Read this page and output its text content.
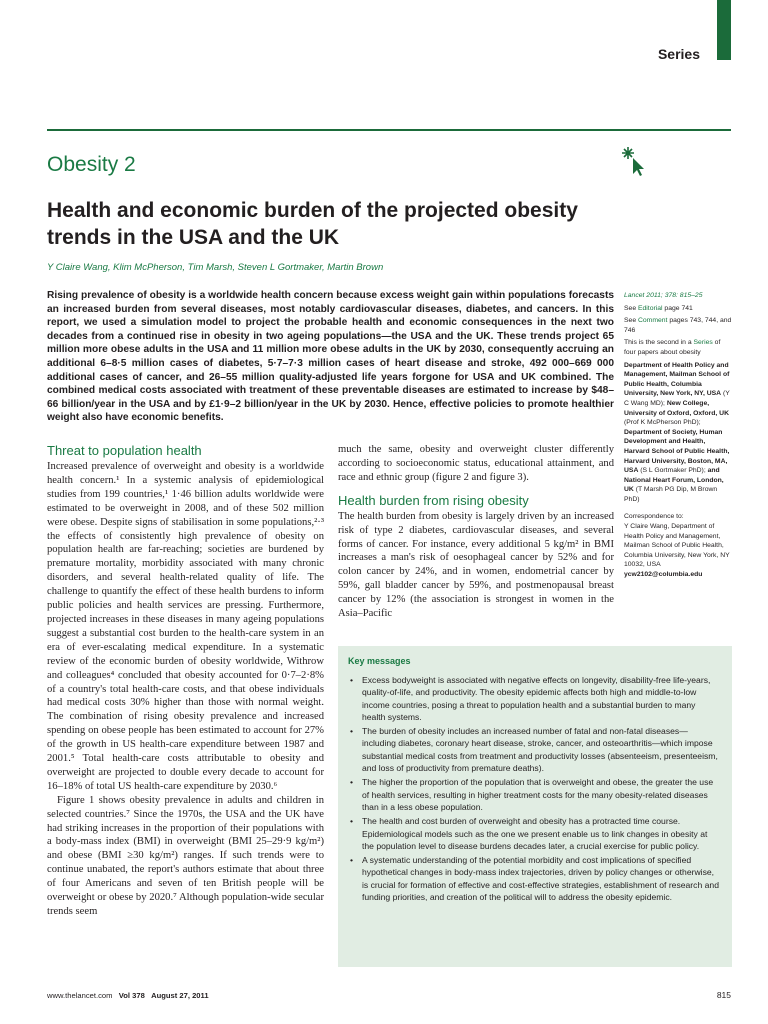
Series
Obesity 2
Health and economic burden of the projected obesity trends in the USA and the UK
Y Claire Wang, Klim McPherson, Tim Marsh, Steven L Gortmaker, Martin Brown
Rising prevalence of obesity is a worldwide health concern because excess weight gain within populations forecasts an increased burden from several diseases, most notably cardiovascular diseases, diabetes, and cancers. In this report, we used a simulation model to project the probable health and economic consequences in the next two decades from a continued rise in obesity in two ageing populations—the USA and the UK. These trends project 65 million more obese adults in the USA and 11 million more obese adults in the UK by 2030, consequently accruing an additional 6–8·5 million cases of diabetes, 5·7–7·3 million cases of heart disease and stroke, 492 000–669 000 additional cases of cancer, and 26–55 million quality-adjusted life years forgone for USA and UK combined. The combined medical costs associated with treatment of these preventable diseases are estimated to increase by $48–66 billion/year in the USA and by £1·9–2 billion/year in the UK by 2030. Hence, effective policies to promote healthier weight also have economic benefits.
Threat to population health

Increased prevalence of overweight and obesity is a worldwide health concern.¹ In a systemic analysis of epidemiological studies from 199 countries,¹ 1·46 billion adults worldwide were estimated to be overweight in 2008, and of these 502 million were obese. Despite signs of stabilisation in some populations,²·³ the effects of consistently high prevalence of obesity on population health are far-reaching; societies are burdened by premature mortality, morbidity associated with many chronic disorders, and several health-related quality of life. The challenge to quantify the effect of these health burdens to inform public policies and health services are pressing. Furthermore, projected increases in these diseases in many ageing populations suggest a substantial cost burden to the health-care system in an era of ever-escalating medical expenditure. In a systematic review of the economic burden of obesity worldwide, Withrow and colleagues⁴ concluded that obesity accounted for 0·7–2·8% of a country's total health-care costs, and that obese individuals had medical costs 30% higher than those with normal weight. The combination of rising obesity prevalence and increased spending on obese people has been estimated to account for 27% of the growth in US health-care expenditure between 1987 and 2001.⁵ Total health-care costs attributable to obesity and overweight are projected to double every decade to account for 16–18% of total US health-care expenditure by 2030.⁶

Figure 1 shows obesity prevalence in adults and children in selected countries.⁷ Since the 1970s, the USA and the UK have had striking increases in the proportion of their populations with a body-mass index (BMI) in overweight (BMI 25–29·9 kg/m²) and obese (BMI ≥30 kg/m²) ranges. If such trends were to continue unabated, the report's authors estimate that about three of four Americans and seven of ten British people will be overweight or obese by 2020.⁷ Although population-wide secular trends seem

much the same, obesity and overweight cluster differently according to socioeconomic status, educational attainment, and race and ethnic group (figure 2 and figure 3).

Health burden from rising obesity

The health burden from obesity is largely driven by an increased risk of type 2 diabetes, cardiovascular diseases, and several forms of cancer. For instance, every additional 5 kg/m² in BMI increases a man's risk of oesophageal cancer by 52% and for colon cancer by 24%, and in women, endometrial cancer by 59%, gall bladder cancer by 59%, and postmenopausal breast cancer by 12% (the association is strongest in women in the Asia–Pacific

Lancet 2011; 378: 815–25

See Editorial page 741

See Comment pages 743, 744, and 746

This is the second in a Series of four papers about obesity

Department of Health Policy and Management, Mailman School of Public Health, Columbia University, New York, NY, USA (Y C Wang MD); New College, University of Oxford, Oxford, UK (Prof K McPherson PhD); Department of Society, Human Development and Health, Harvard School of Public Health, Harvard University, Boston, MA, USA (S L Gortmaker PhD); and National Heart Forum, London, UK (T Marsh PG Dip, M Brown PhD)

Correspondence to:
Y Claire Wang, Department of Health Policy and Management, Mailman School of Public Health, Columbia University, New York, NY 10032, USA
ycw2102@columbia.edu

Key messages
• Excess bodyweight is associated with negative effects on longevity, disability-free life-years, quality-of-life, and productivity. The obesity epidemic affects both high and middle-to-low income countries, posing a threat to population health and a substantial burden to many health systems.
• The burden of obesity includes an increased number of fatal and non-fatal diseases—including diabetes, coronary heart disease, stroke, cancer, and osteoarthritis—which impose substantial medical costs from treatment and productivity losses (absenteeism, presenteeism, and loss of productivity from premature deaths).
• The higher the proportion of the population that is overweight and obese, the greater the use of health services, resulting in higher treatment costs for the many obesity-related diseases than in a less obese population.
• The health and cost burden of overweight and obesity has a protracted time course. Epidemiological models such as the one we present enable us to link changes in obesity at the population level to disease burdens decades later, a crucial exercise for public policy.
• A systematic understanding of the potential morbidity and cost implications of specified hypothetical changes in body-mass index trajectories, driven by policy changes or otherwise, is crucial for formation of effective and cost-effective strategies, establishment of research and funding priorities, and creation of the political will to address the obesity epidemic.
www.thelancet.com Vol 378 August 27, 2011	815
